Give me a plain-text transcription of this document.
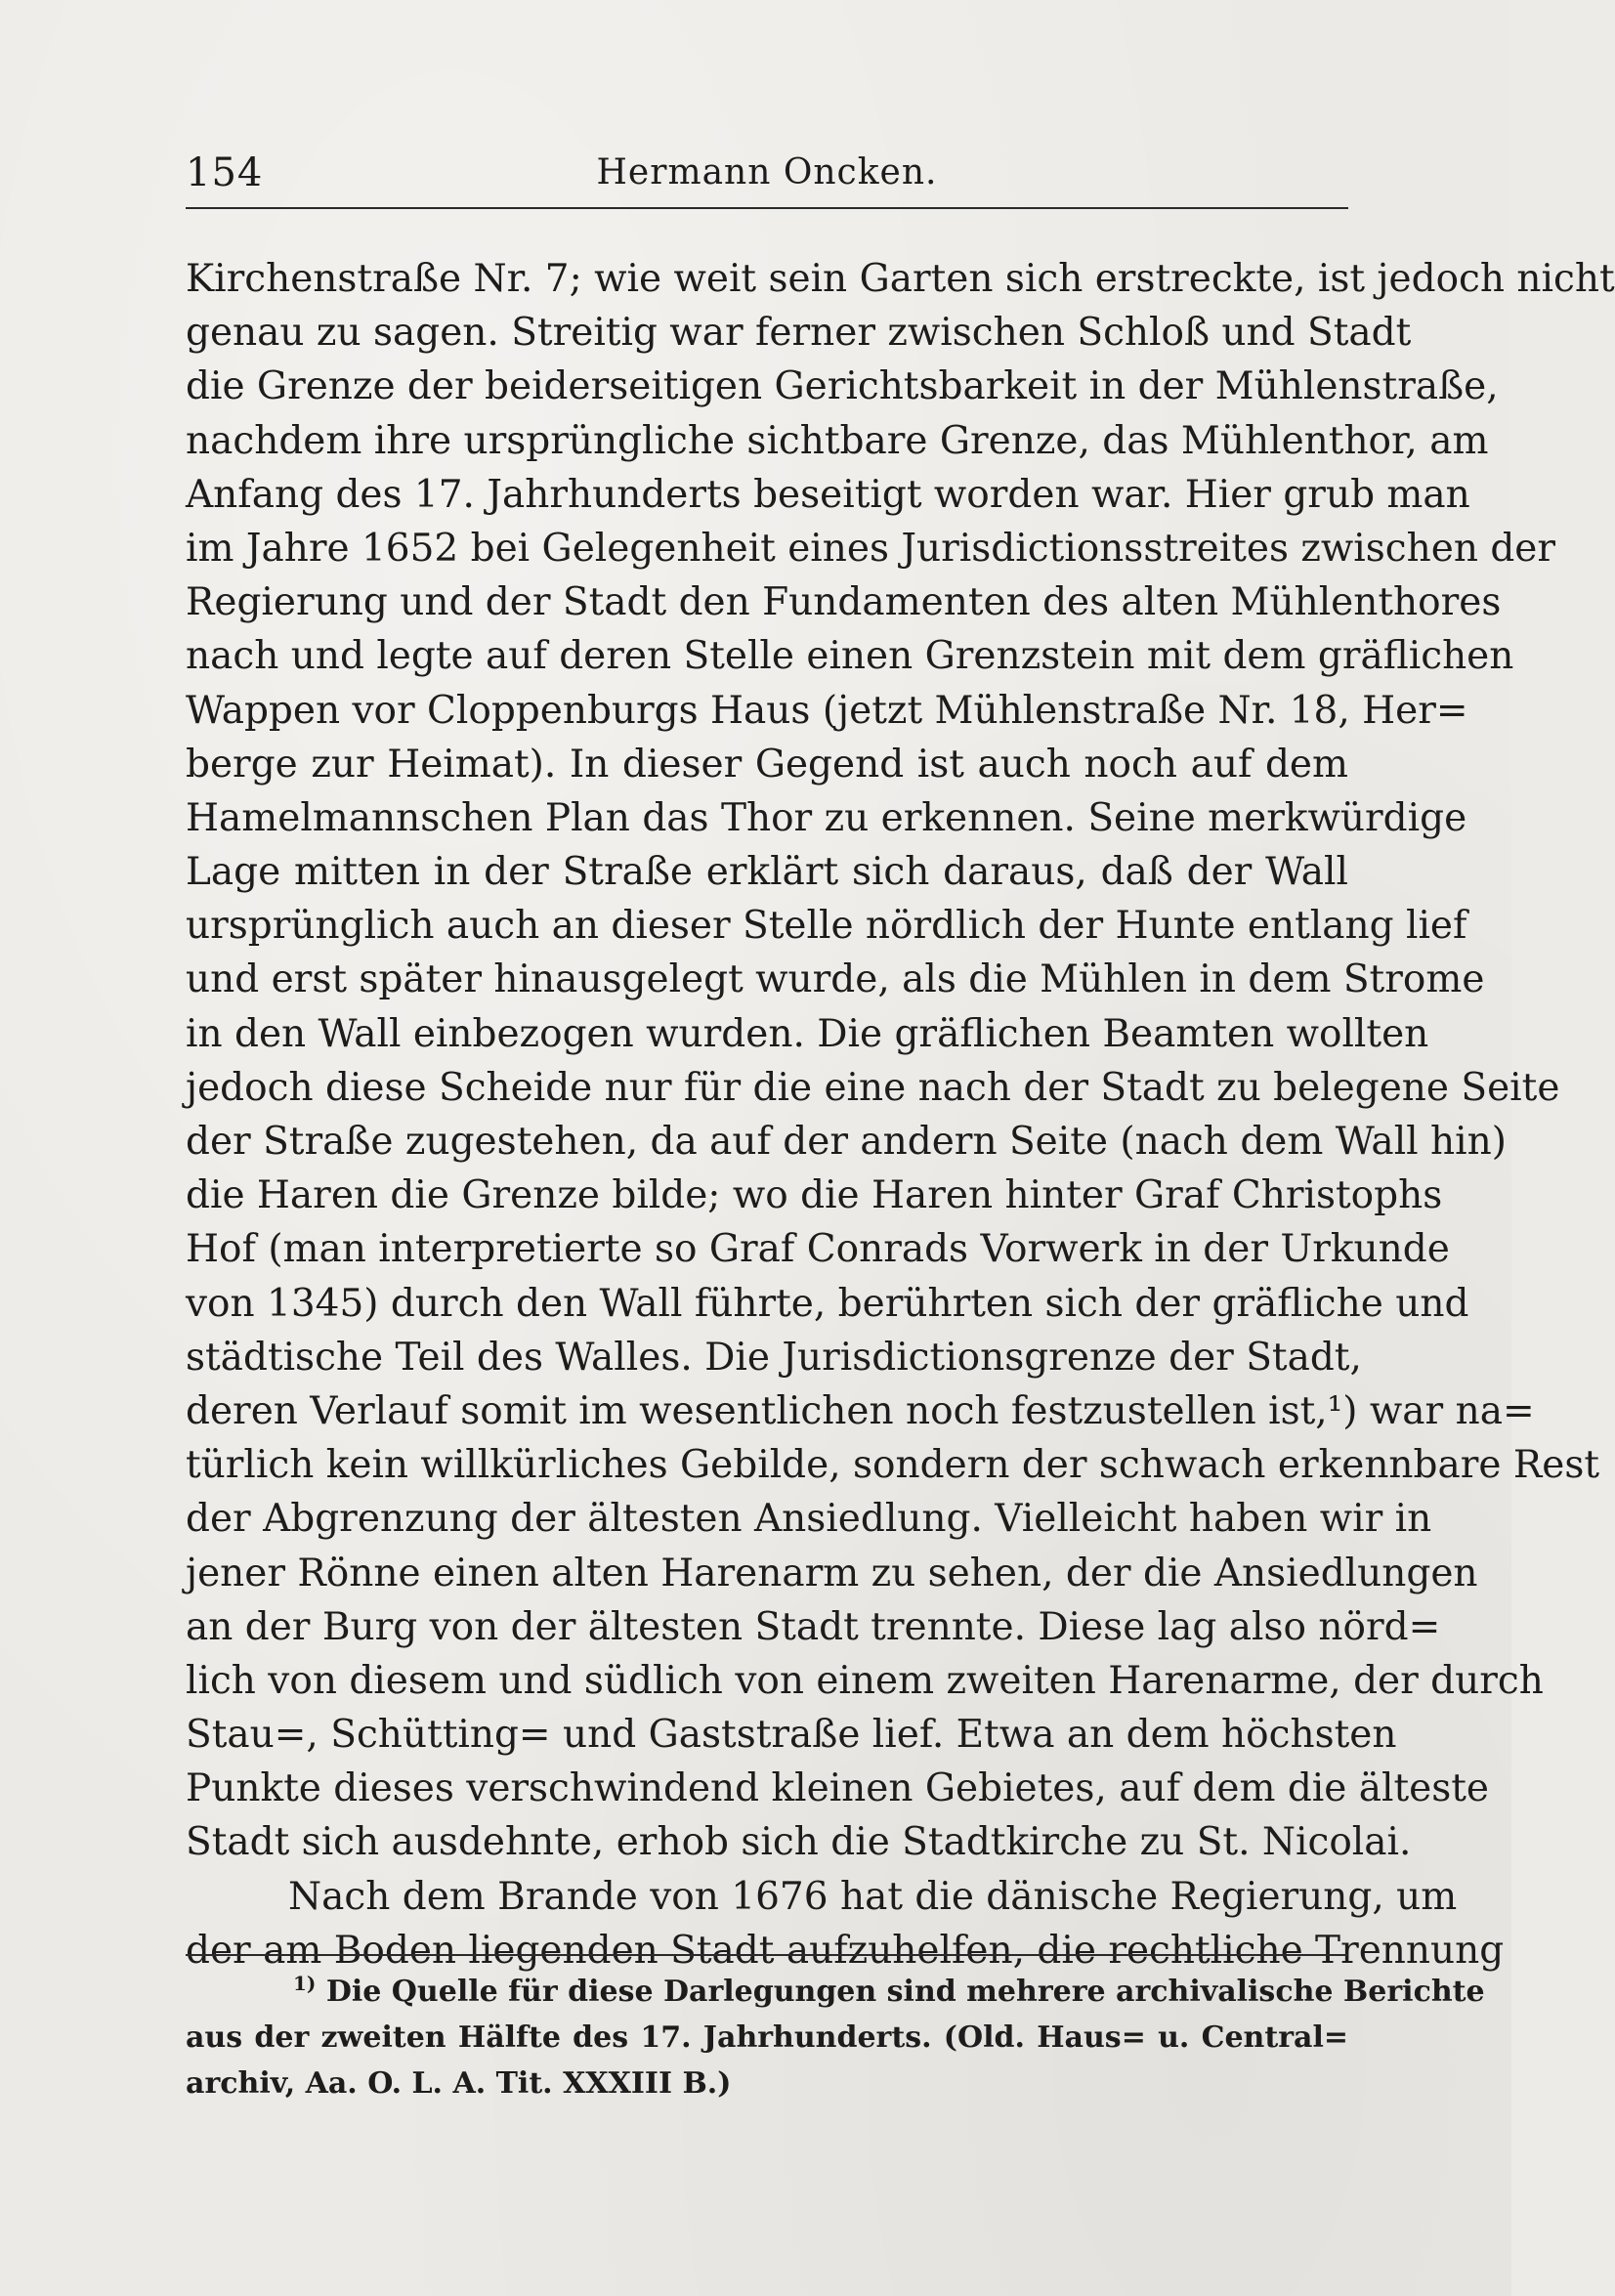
154	Hermann Oncken.
Kirchenstraße Nr. 7; wie weit sein Garten sich erstreckte, ist jedoch nicht
genau zu sagen. Streitig war ferner zwischen Schloß und Stadt
die Grenze der beiderseitigen Gerichtsbarkeit in der Mühlenstraße,
nachdem ihre ursprüngliche sichtbare Grenze, das Mühlenthor, am
Anfang des 17. Jahrhunderts beseitigt worden war. Hier grub man
im Jahre 1652 bei Gelegenheit eines Jurisdictionsstreites zwischen der
Regierung und der Stadt den Fundamenten des alten Mühlenthores
nach und legte auf deren Stelle einen Grenzstein mit dem gräflichen
Wappen vor Cloppenburgs Haus (jetzt Mühlenstraße Nr. 18, Her=
berge zur Heimat). In dieser Gegend ist auch noch auf dem
Hamelmannschen Plan das Thor zu erkennen. Seine merkwürdige
Lage mitten in der Straße erklärt sich daraus, daß der Wall
ursprünglich auch an dieser Stelle nördlich der Hunte entlang lief
und erst später hinausgelegt wurde, als die Mühlen in dem Strome
in den Wall einbezogen wurden. Die gräflichen Beamten wollten
jedoch diese Scheide nur für die eine nach der Stadt zu belegene Seite
der Straße zugestehen, da auf der andern Seite (nach dem Wall hin)
die Haren die Grenze bilde; wo die Haren hinter Graf Christophs
Hof (man interpretierte so Graf Conrads Vorwerk in der Urkunde
von 1345) durch den Wall führte, berührten sich der gräfliche und
städtische Teil des Walles. Die Jurisdictionsgrenze der Stadt,
deren Verlauf somit im wesentlichen noch festzustellen ist,¹) war na=
türlich kein willkürliches Gebilde, sondern der schwach erkennbare Rest
der Abgrenzung der ältesten Ansiedlung. Vielleicht haben wir in
jener Rönne einen alten Harenarm zu sehen, der die Ansiedlungen
an der Burg von der ältesten Stadt trennte. Diese lag also nörd=
lich von diesem und südlich von einem zweiten Harenarme, der durch
Stau=, Schütting= und Gaststraße lief. Etwa an dem höchsten
Punkte dieses verschwindend kleinen Gebietes, auf dem die älteste
Stadt sich ausdehnte, erhob sich die Stadtkirche zu St. Nicolai.
Nach dem Brande von 1676 hat die dänische Regierung, um
der am Boden liegenden Stadt aufzuhelfen, die rechtliche Trennung
$^{1)}$ Die Quelle für diese Darlegungen sind mehrere archivalische Berichte
aus der zweiten Hälfte des 17. Jahrhunderts. (Old. Haus= u. Central=
archiv, Aa. O. L. A. Tit. XXXIII B.)
